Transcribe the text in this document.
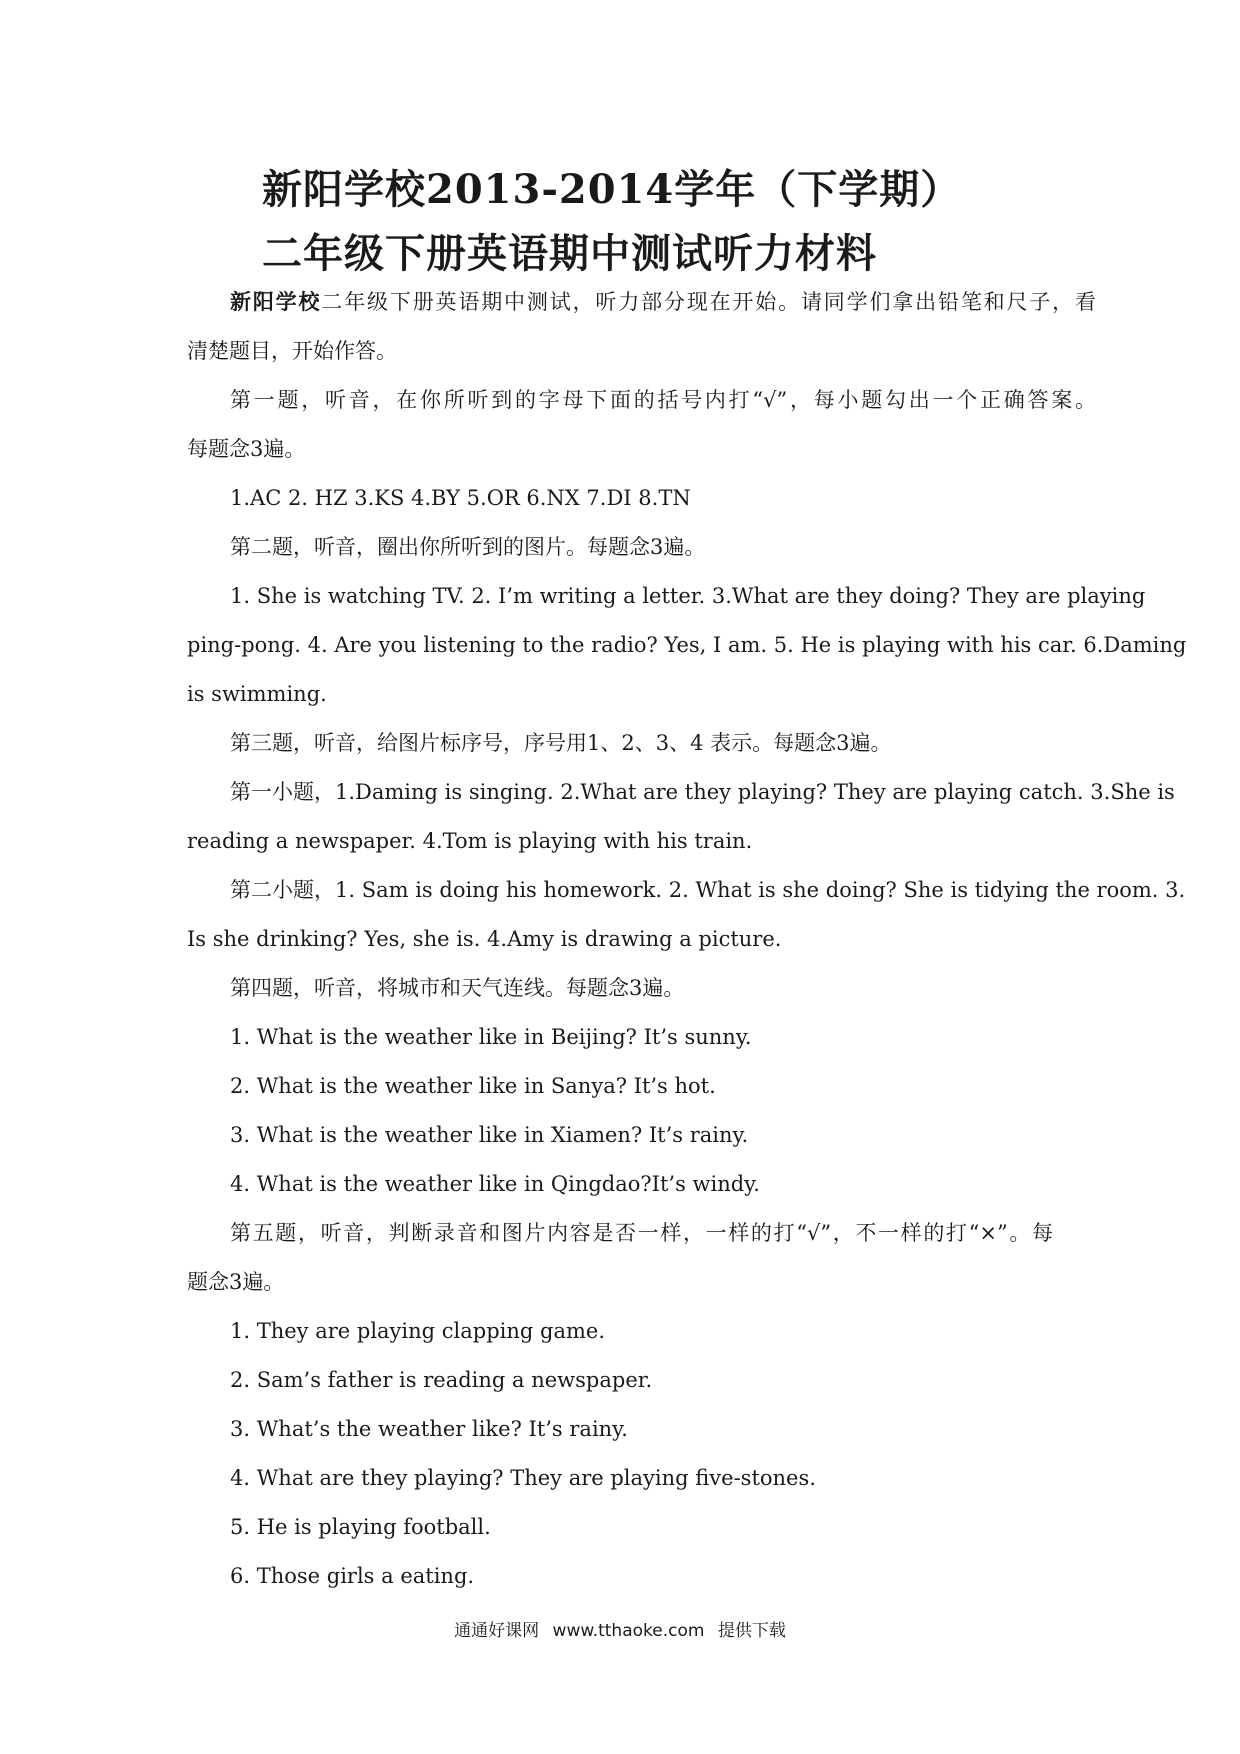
新阳学校2013-2014学年（下学期）
二年级下册英语期中测试听力材料
新阳学校二年级下册英语期中测试，听力部分现在开始。请同学们拿出铅笔和尺子，看
清楚题目，开始作答。
第一题，听音，在你所听到的字母下面的括号内打“√”，每小题勾出一个正确答案。
每题念3遍。
1.AC 2. HZ 3.KS 4.BY 5.OR 6.NX 7.DI 8.TN
第二题，听音，圈出你所听到的图片。每题念3遍。
1. She is watching TV. 2. I’m writing a letter. 3.What are they doing? They are playing
ping-pong. 4. Are you listening to the radio? Yes, I am. 5. He is playing with his car. 6.Daming
is swimming.
第三题，听音，给图片标序号，序号用1、2、3、4 表示。每题念3遍。
第一小题，1.Daming is singing. 2.What are they playing? They are playing catch. 3.She is
reading a newspaper. 4.Tom is playing with his train.
第二小题，1. Sam is doing his homework. 2. What is she doing? She is tidying the room. 3.
Is she drinking? Yes, she is. 4.Amy is drawing a picture.
第四题，听音，将城市和天气连线。每题念3遍。
1. What is the weather like in Beijing? It’s sunny.
2. What is the weather like in Sanya? It’s hot.
3. What is the weather like in Xiamen? It’s rainy.
4. What is the weather like in Qingdao?It’s windy.
第五题，听音，判断录音和图片内容是否一样，一样的打“√”，不一样的打“×”。每
题念3遍。
1. They are playing clapping game.
2. Sam’s father is reading a newspaper.
3. What’s the weather like? It’s rainy.
4. What are they playing? They are playing five-stones.
5. He is playing football.
6. Those girls a eating.
通通好课网 www.tthaoke.com 提供下载
